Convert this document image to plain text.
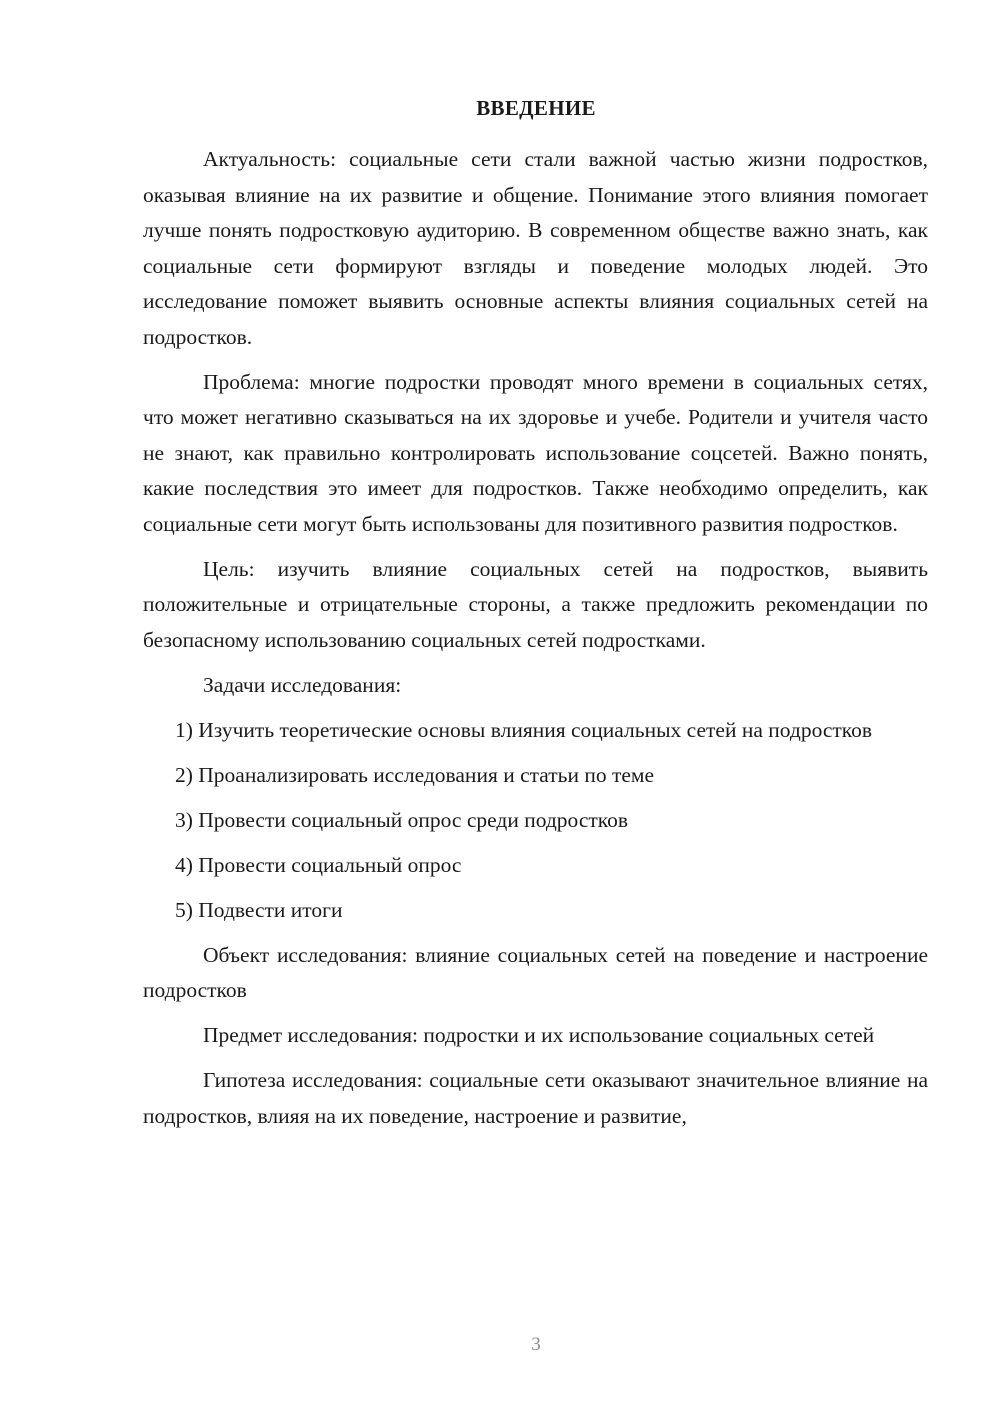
ВВЕДЕНИЕ

Актуальность: социальные сети стали важной частью жизни подростков, оказывая влияние на их развитие и общение. Понимание этого влияния помогает лучше понять подростковую аудиторию. В современном обществе важно знать, как социальные сети формируют взгляды и поведение молодых людей. Это исследование поможет выявить основные аспекты влияния социальных сетей на подростков.

Проблема: многие подростки проводят много времени в социальных сетях, что может негативно сказываться на их здоровье и учебе. Родители и учителя часто не знают, как правильно контролировать использование соцсетей. Важно понять, какие последствия это имеет для подростков. Также необходимо определить, как социальные сети могут быть использованы для позитивного развития подростков.

Цель: изучить влияние социальных сетей на подростков, выявить положительные и отрицательные стороны, а также предложить рекомендации по безопасному использованию социальных сетей подростками.

Задачи исследования:

1) Изучить теоретические основы влияния социальных сетей на подростков

2) Проанализировать исследования и статьи по теме

3) Провести социальный опрос среди подростков

4) Провести социальный опрос

5) Подвести итоги

Объект исследования: влияние социальных сетей на поведение и настроение подростков

Предмет исследования: подростки и их использование социальных сетей

Гипотеза исследования: социальные сети оказывают значительное влияние на подростков, влияя на их поведение, настроение и развитие,

3
